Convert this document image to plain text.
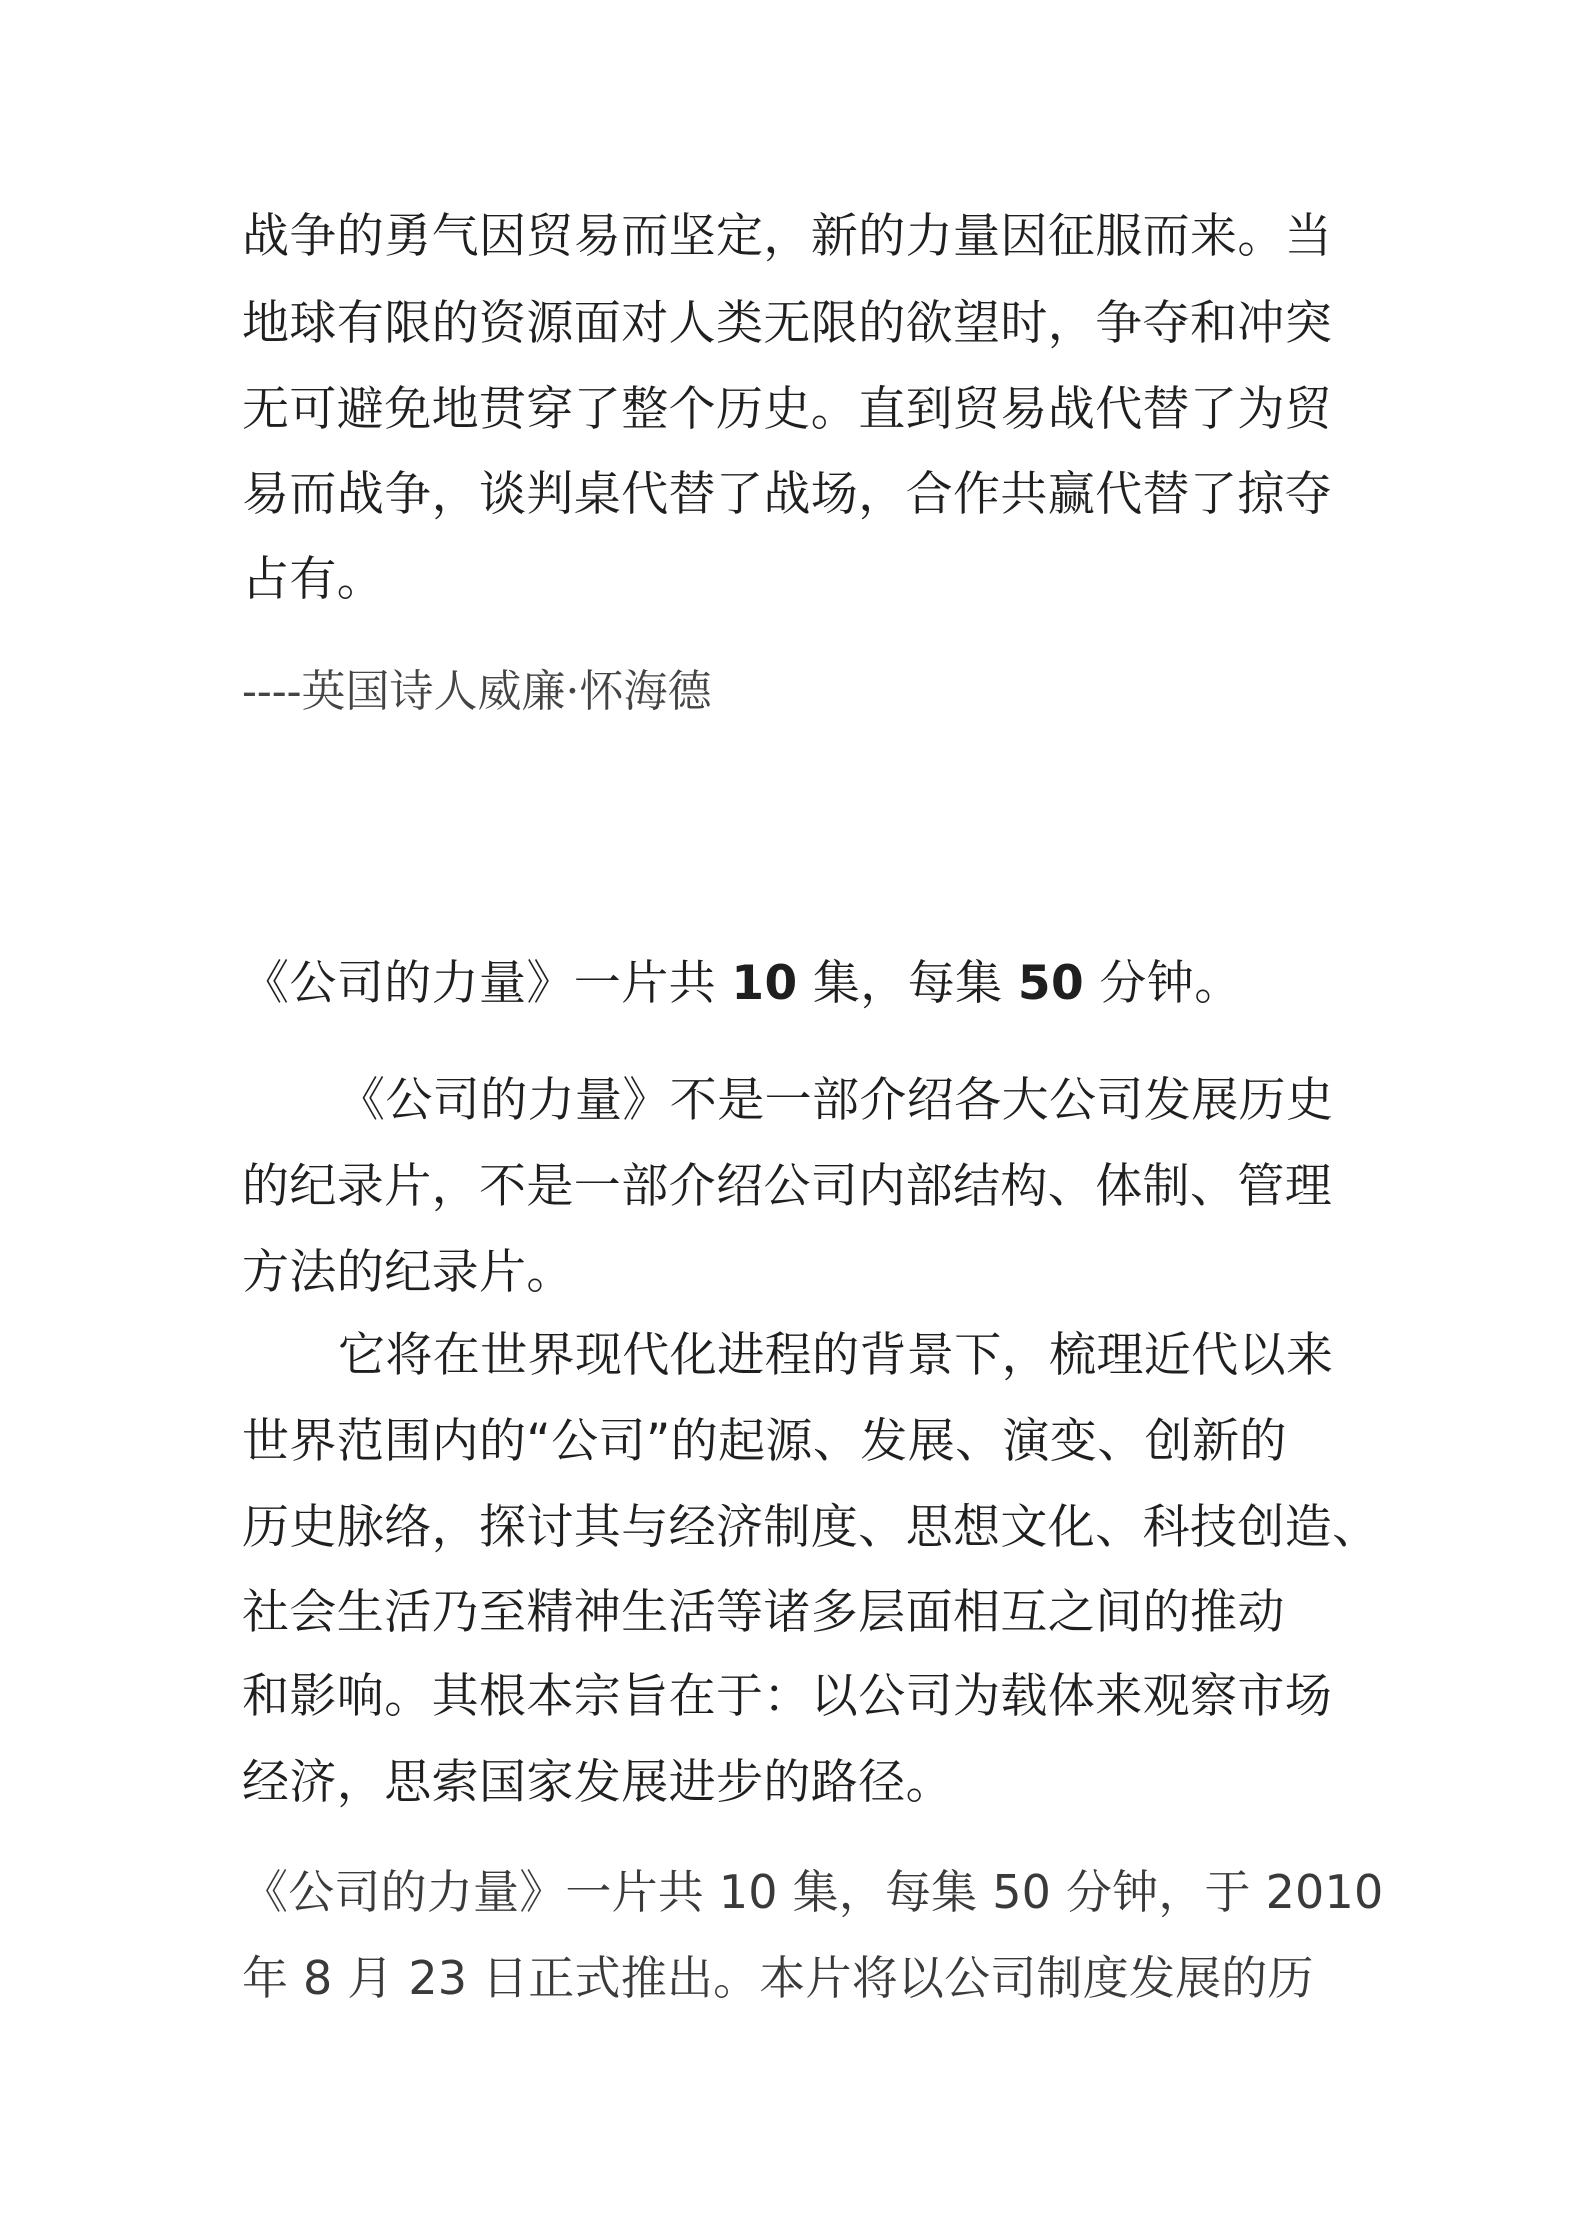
战争的勇气因贸易而坚定，新的力量因征服而来。当

地球有限的资源面对人类无限的欲望时，争夺和冲突

无可避免地贯穿了整个历史。直到贸易战代替了为贸

易而战争，谈判桌代替了战场，合作共赢代替了掠夺

占有。

----英国诗人威廉·怀海德

《公司的力量》一片共 10 集，每集 50 分钟。

《公司的力量》不是一部介绍各大公司发展历史

的纪录片，不是一部介绍公司内部结构、体制、管理

方法的纪录片。

它将在世界现代化进程的背景下，梳理近代以来

世界范围内的“公司”的起源、发展、演变、创新的

历史脉络，探讨其与经济制度、思想文化、科技创造、

社会生活乃至精神生活等诸多层面相互之间的推动

和影响。其根本宗旨在于：以公司为载体来观察市场

经济，思索国家发展进步的路径。

《公司的力量》一片共 10 集，每集 50 分钟，于 2010

年 8 月 23 日正式推出。本片将以公司制度发展的历
